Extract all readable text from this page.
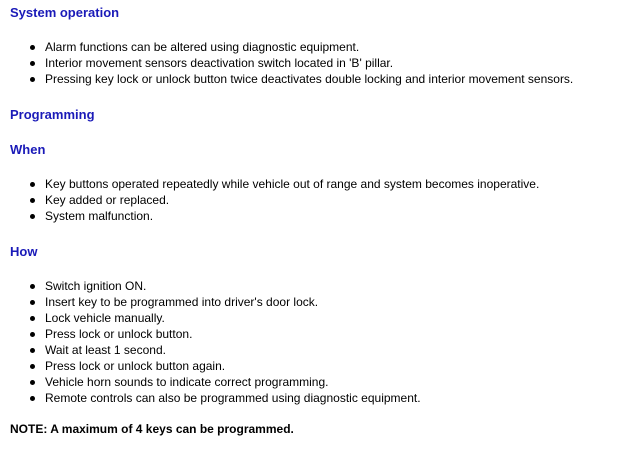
System operation
Alarm functions can be altered using diagnostic equipment.
Interior movement sensors deactivation switch located in 'B' pillar.
Pressing key lock or unlock button twice deactivates double locking and interior movement sensors.
Programming
When
Key buttons operated repeatedly while vehicle out of range and system becomes inoperative.
Key added or replaced.
System malfunction.
How
Switch ignition ON.
Insert key to be programmed into driver's door lock.
Lock vehicle manually.
Press lock or unlock button.
Wait at least 1 second.
Press lock or unlock button again.
Vehicle horn sounds to indicate correct programming.
Remote controls can also be programmed using diagnostic equipment.

NOTE: A maximum of 4 keys can be programmed.
